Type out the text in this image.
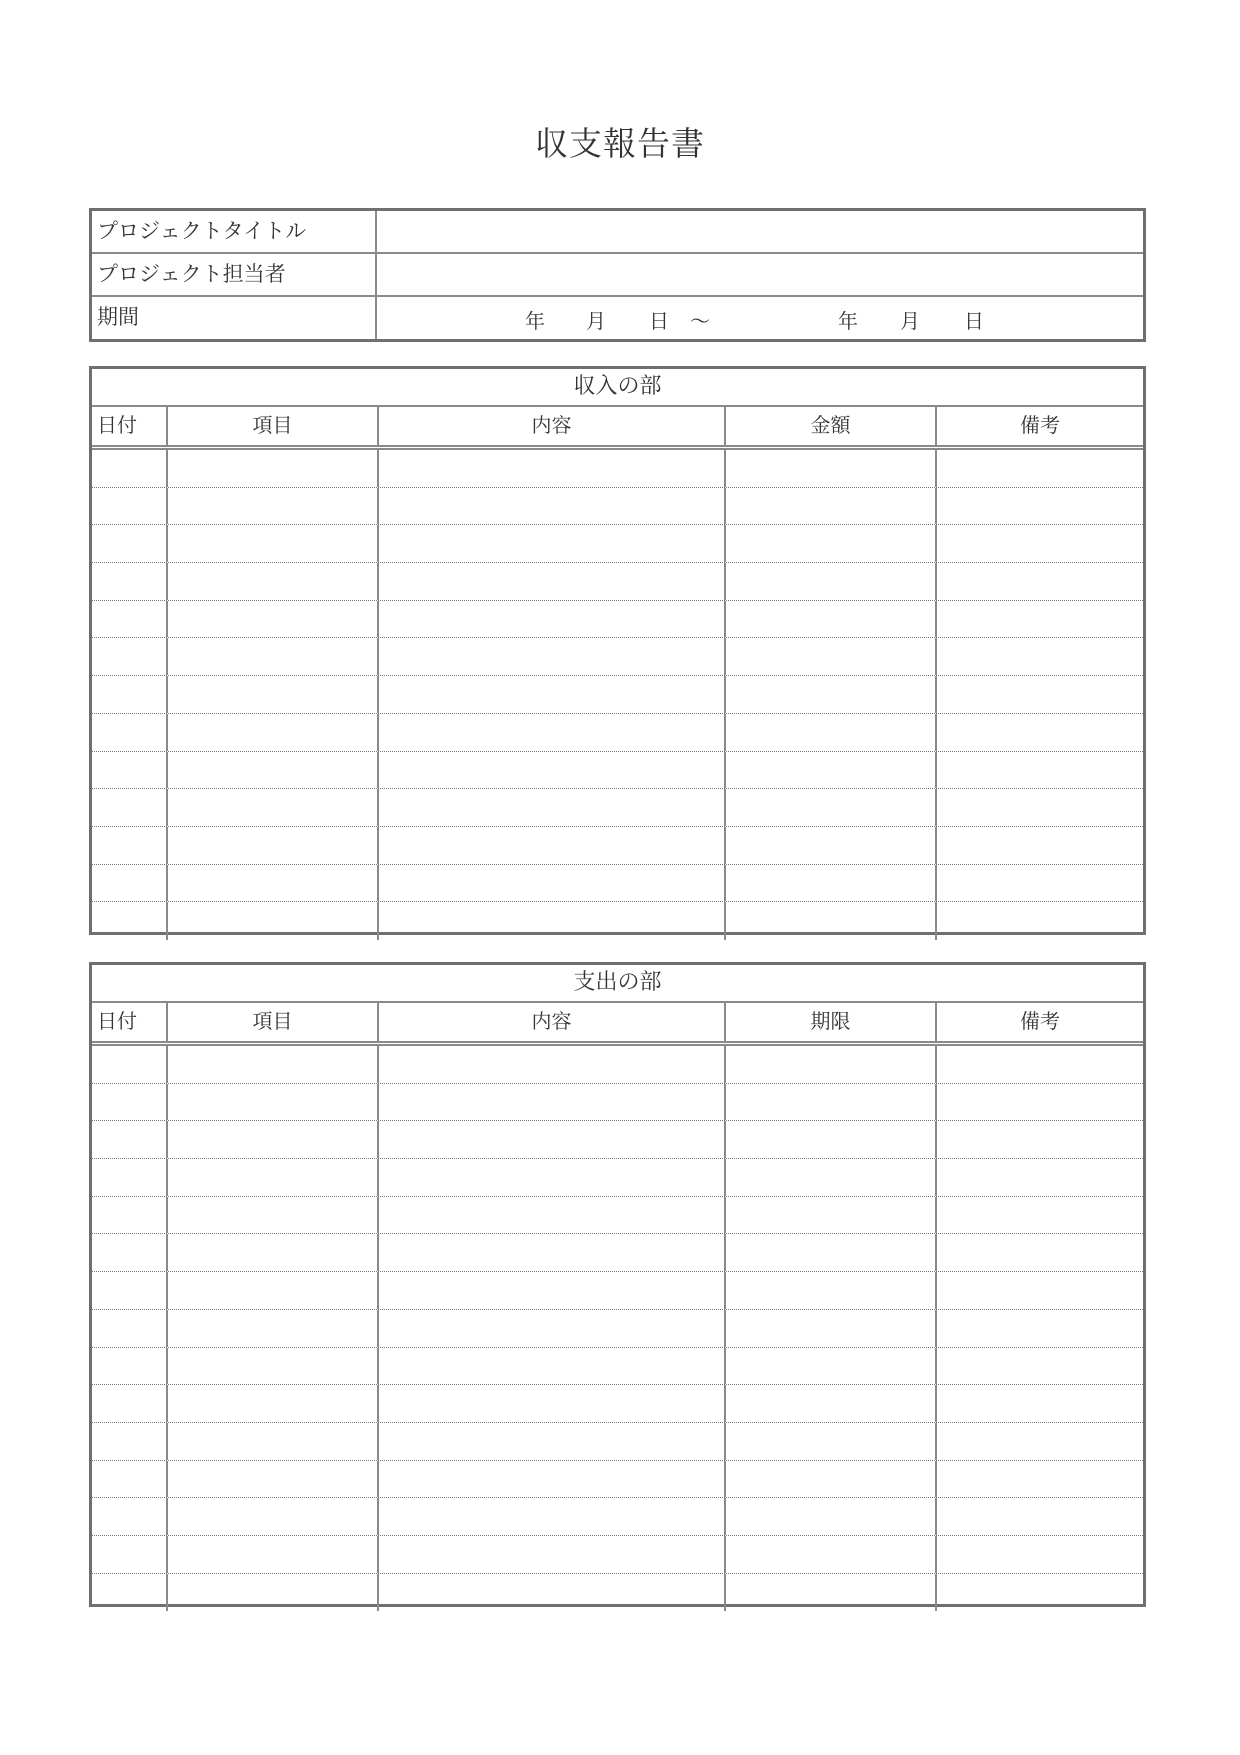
収支報告書
プロジェクトタイトル
プロジェクト担当者
期間	年 月 日 ～	年 月 日
収入の部
日付	項目	内容	金額	備考
支出の部
日付	項目	内容	期限	備考
